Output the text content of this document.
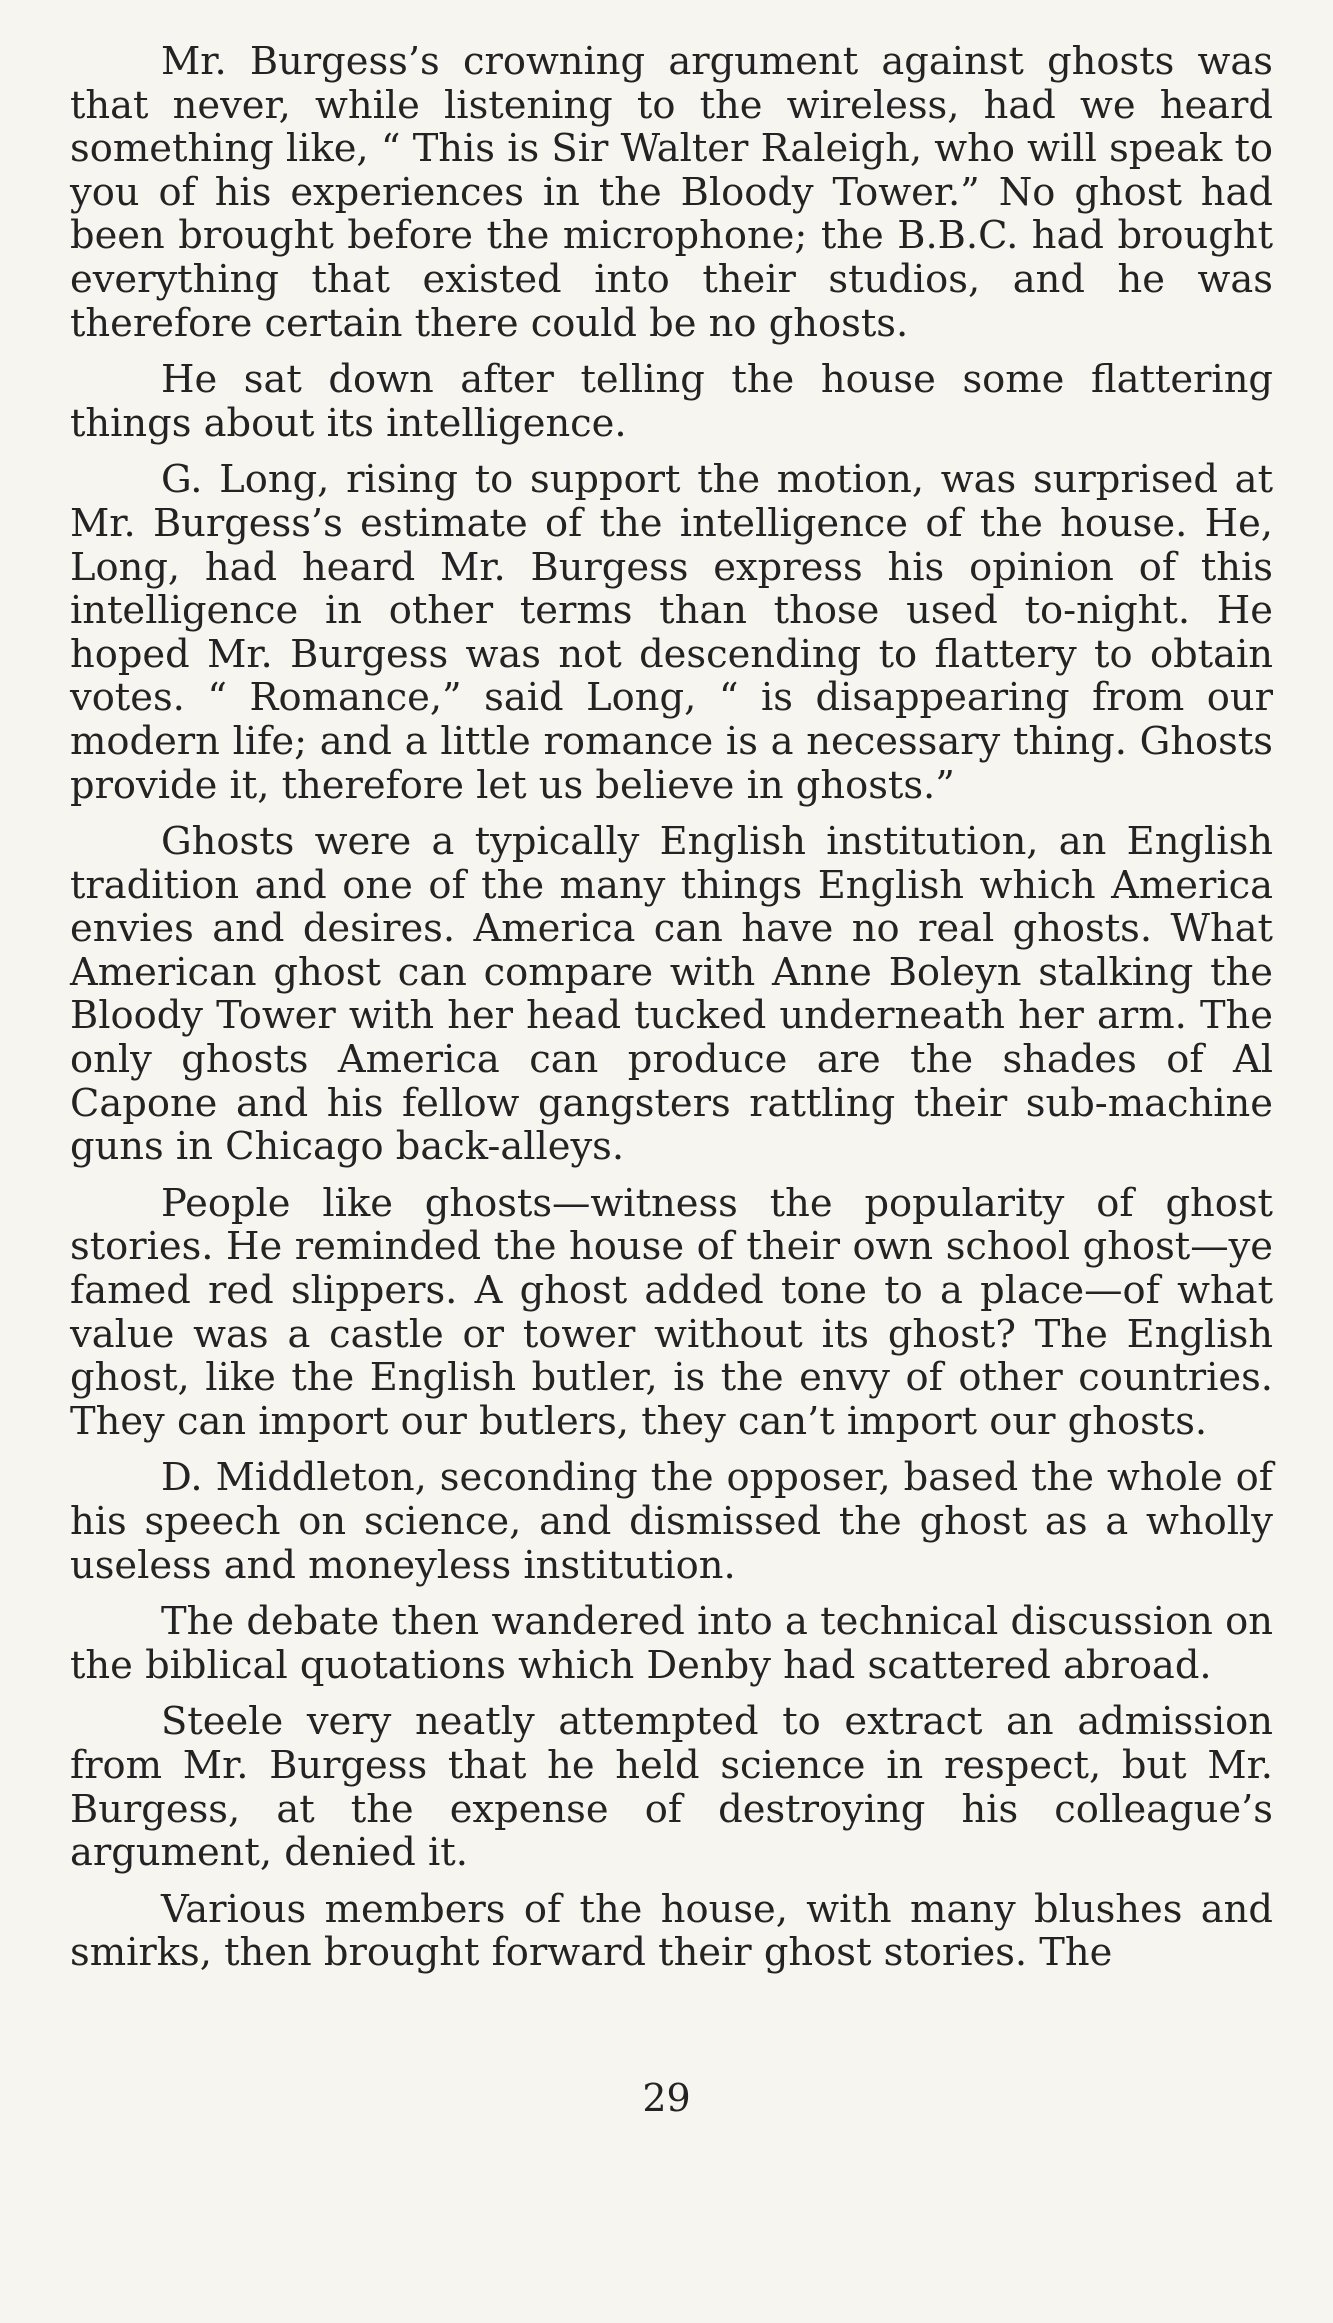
Mr. Burgess’s crowning argument against ghosts was that never, while listening to the wireless, had we heard something like, “ This is Sir Walter Raleigh, who will speak to you of his experiences in the Bloody Tower.” No ghost had been brought before the microphone; the B.B.C. had brought everything that existed into their studios, and he was therefore certain there could be no ghosts.

He sat down after telling the house some flattering things about its intelligence.

G. Long, rising to support the motion, was surprised at Mr. Burgess’s estimate of the intelligence of the house. He, Long, had heard Mr. Burgess express his opinion of this intelligence in other terms than those used to-night. He hoped Mr. Burgess was not descending to flattery to obtain votes. “ Romance,” said Long, “ is disappearing from our modern life; and a little romance is a necessary thing. Ghosts provide it, therefore let us believe in ghosts.”

Ghosts were a typically English institution, an English tradition and one of the many things English which America envies and desires. America can have no real ghosts. What American ghost can compare with Anne Boleyn stalking the Bloody Tower with her head tucked underneath her arm. The only ghosts America can produce are the shades of Al Capone and his fellow gangsters rattling their sub-machine guns in Chicago back-alleys.

People like ghosts—witness the popularity of ghost stories. He reminded the house of their own school ghost—ye famed red slippers. A ghost added tone to a place—of what value was a castle or tower without its ghost? The English ghost, like the English butler, is the envy of other countries. They can import our butlers, they can’t import our ghosts.

D. Middleton, seconding the opposer, based the whole of his speech on science, and dismissed the ghost as a wholly useless and moneyless institution.

The debate then wandered into a technical discussion on the biblical quotations which Denby had scattered abroad.

Steele very neatly attempted to extract an admission from Mr. Burgess that he held science in respect, but Mr. Burgess, at the expense of destroying his colleague’s argument, denied it.

Various members of the house, with many blushes and smirks, then brought forward their ghost stories. The

29
